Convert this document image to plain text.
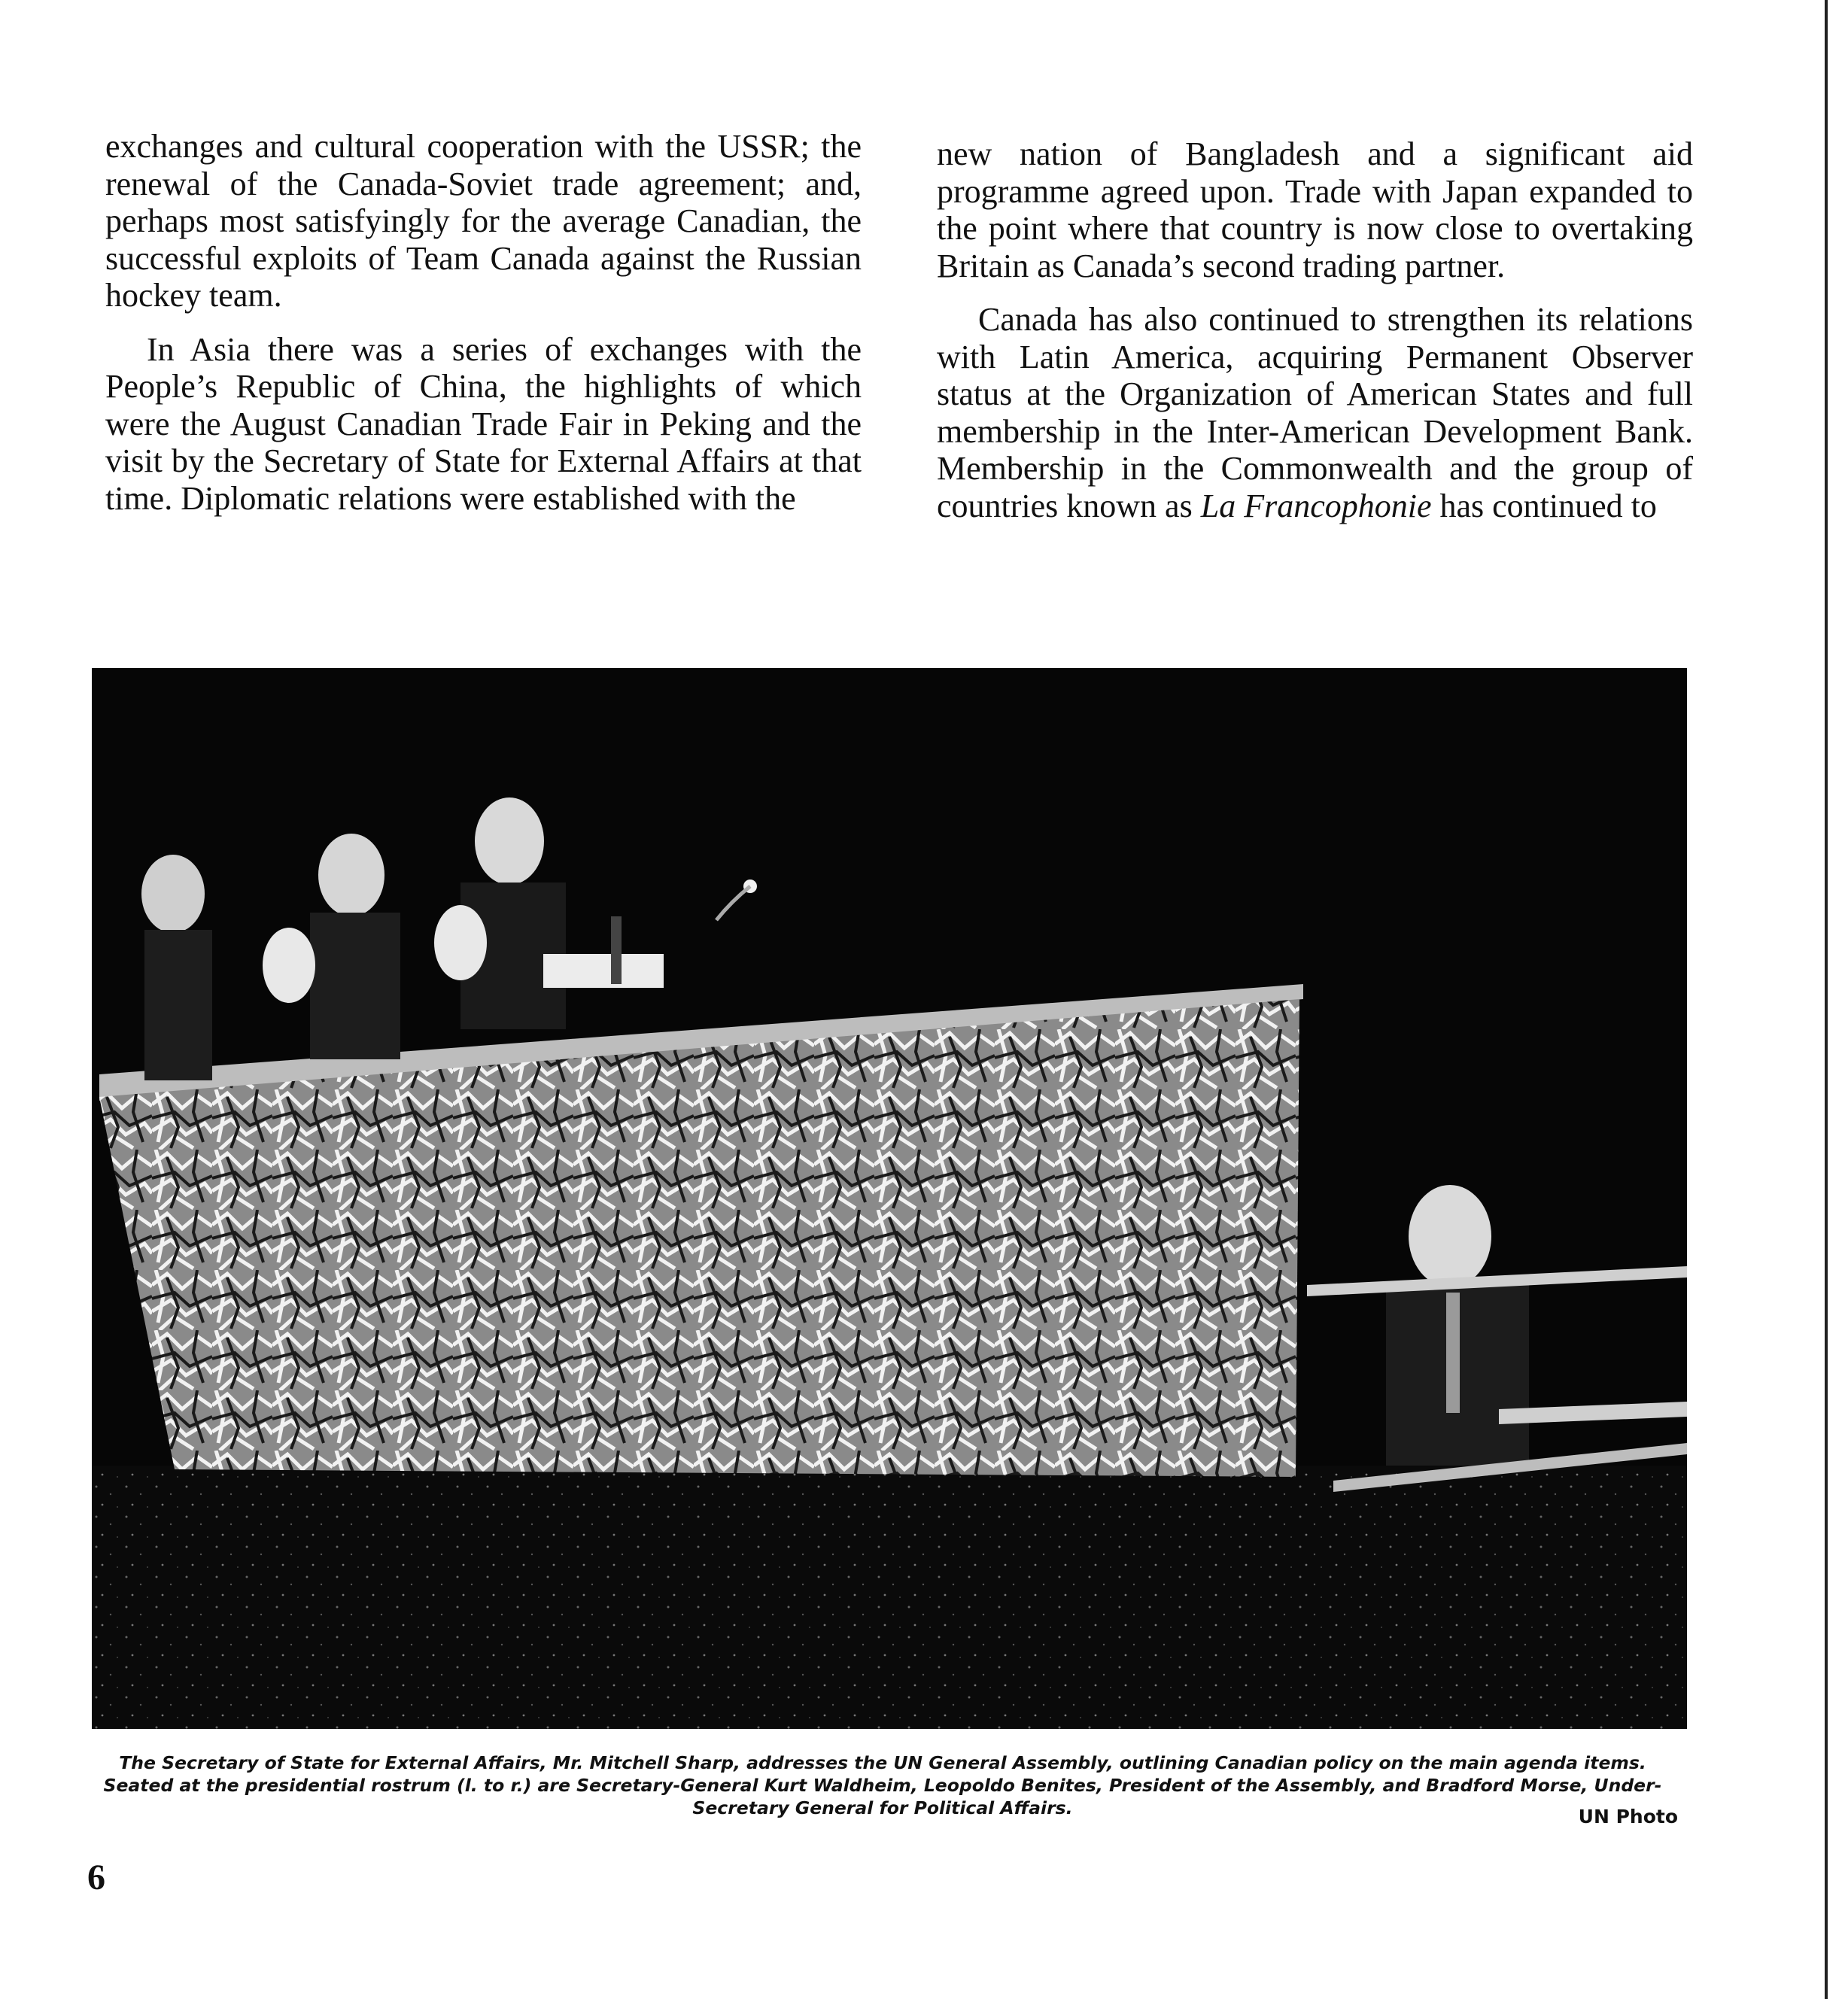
exchanges and cultural cooperation with the USSR; the renewal of the Canada-Soviet trade agreement; and, perhaps most satisfyingly for the average Canadian, the successful exploits of Team Canada against the Russian hockey team.

In Asia there was a series of exchanges with the People’s Republic of China, the highlights of which were the August Canadian Trade Fair in Peking and the visit by the Secretary of State for External Affairs at that time. Diplomatic relations were established with the

new nation of Bangladesh and a significant aid programme agreed upon. Trade with Japan expanded to the point where that country is now close to overtaking Britain as Canada’s second trading partner.

Canada has also continued to strengthen its relations with Latin America, acquiring Permanent Observer status at the Organization of American States and full membership in the Inter-American Development Bank. Membership in the Commonwealth and the group of countries known as La Francophonie has continued to

The Secretary of State for External Affairs, Mr. Mitchell Sharp, addresses the UN General Assembly, outlining Canadian policy on the main agenda items. Seated at the presidential rostrum (l. to r.) are Secretary-General Kurt Waldheim, Leopoldo Benites, President of the Assembly, and Bradford Morse, Under-Secretary General for Political Affairs.	UN Photo
6
